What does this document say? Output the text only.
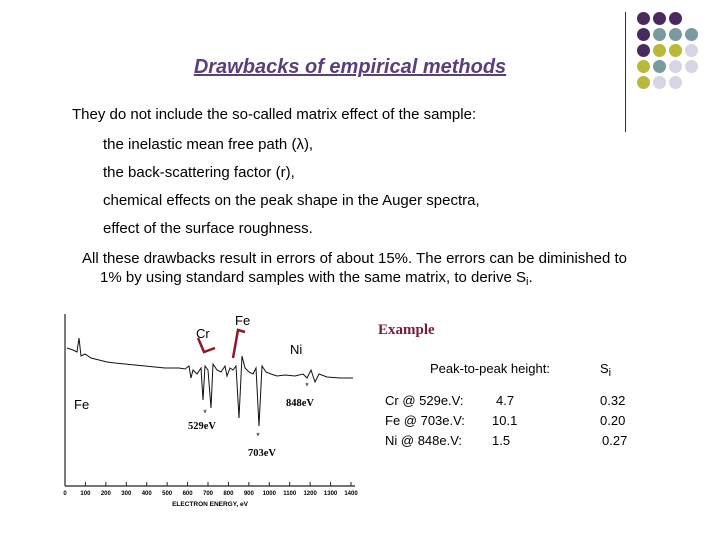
Drawbacks of empirical methods
They do not include the so-called matrix effect of the sample:
the inelastic mean free path (λ),
the back-scattering factor (r),
chemical effects on the peak shape in the Auger spectra,
effect of the surface roughness.
All these drawbacks result in errors of about 15%. The errors can be diminished to
1% by using standard samples with the same matrix, to derive $S_i$.
0 100 200 300 400 500 600 700 800 900 1000 1100 1200 1300 1400
ELECTRON ENERGY, eV
*
*
*
529eV
703eV
848eV
Cr
Fe
Ni
Fe
Example
Peak-to-peak height:	$S_i$
Cr @ 529e.V:	4.7	0.32
Fe @ 703e.V: 10.1	0.20
Ni @ 848e.V: 1.5	0.27
